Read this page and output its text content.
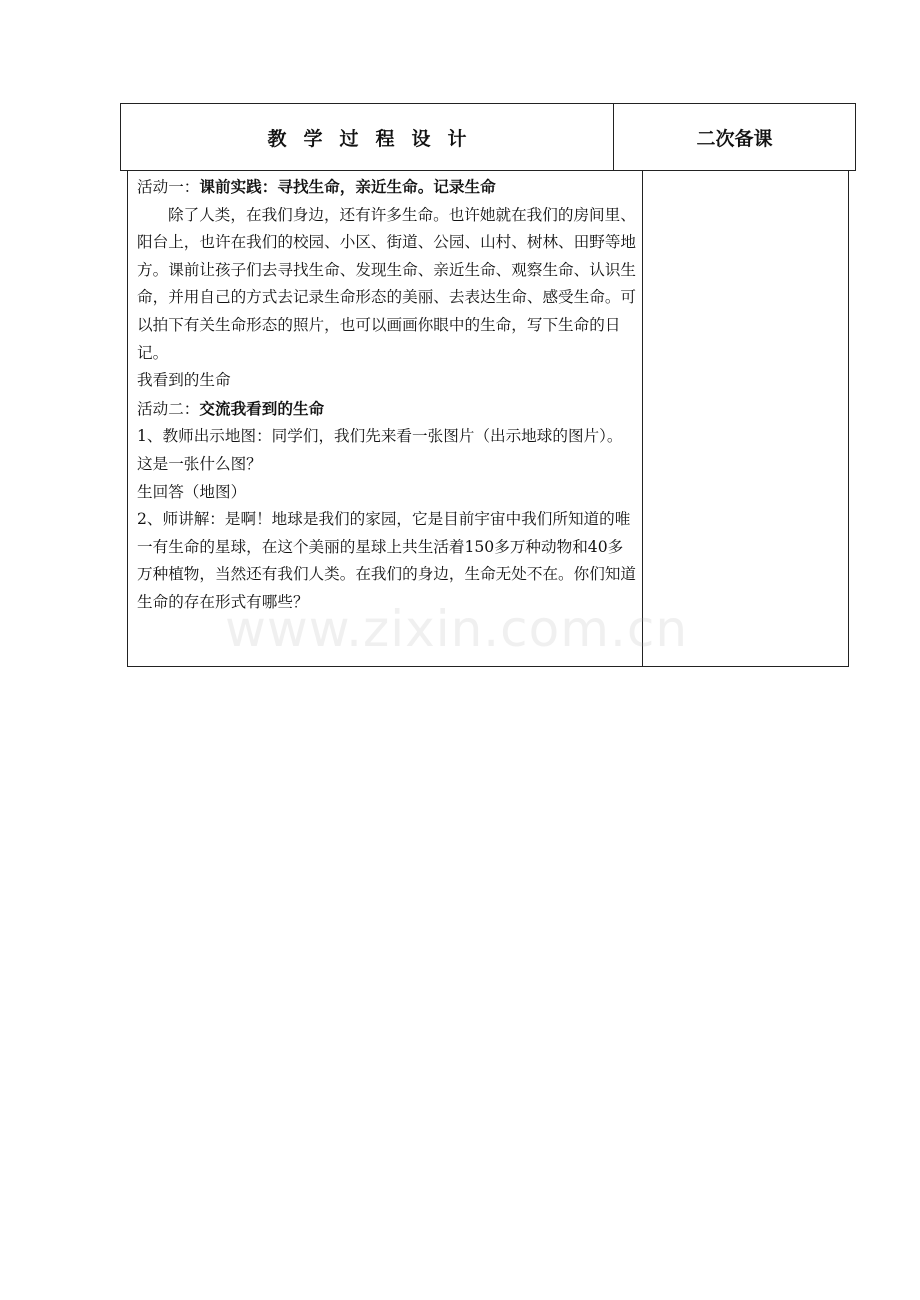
教学过程设计	二次备课

活动一：课前实践：寻找生命，亲近生命。记录生命

除了人类，在我们身边，还有许多生命。也许她就在我们的房间里、阳台上，也许在我们的校园、小区、街道、公园、山村、树林、田野等地方。课前让孩子们去寻找生命、发现生命、亲近生命、观察生命、认识生命，并用自己的方式去记录生命形态的美丽、去表达生命、感受生命。可以拍下有关生命形态的照片，也可以画画你眼中的生命，写下生命的日记。

我看到的生命

活动二：交流我看到的生命

1、教师出示地图：同学们，我们先来看一张图片（出示地球的图片）。这是一张什么图？

生回答（地图）

2、师讲解：是啊！地球是我们的家园，它是目前宇宙中我们所知道的唯一有生命的星球，在这个美丽的星球上共生活着150多万种动物和40多万种植物，当然还有我们人类。在我们的身边，生命无处不在。你们知道生命的存在形式有哪些？

www.zixin.com.cn
